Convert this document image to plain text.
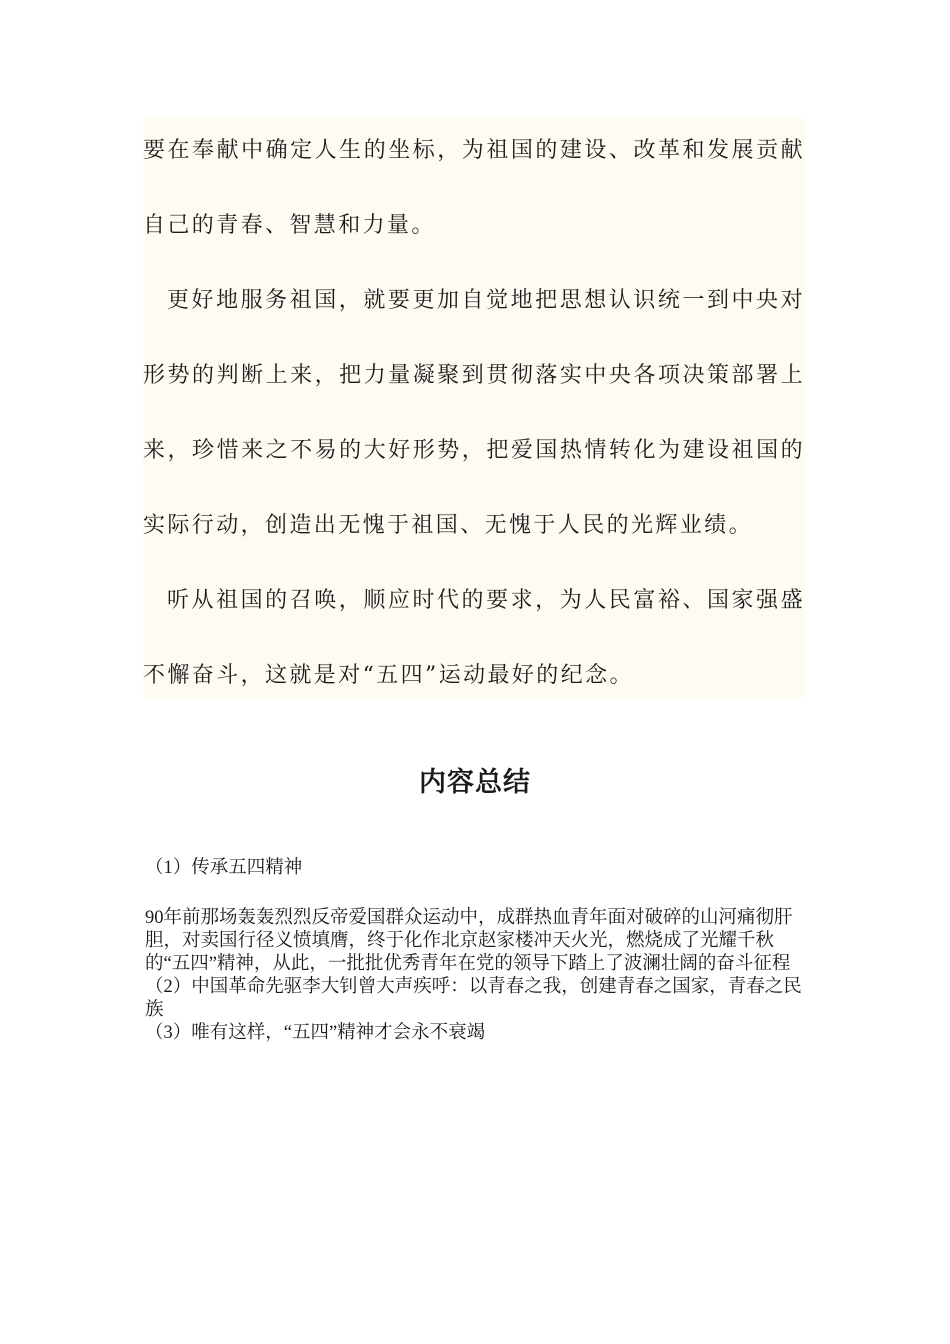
要在奉献中确定人生的坐标，为祖国的建设、改革和发展贡献自己的青春、智慧和力量。

更好地服务祖国，就要更加自觉地把思想认识统一到中央对形势的判断上来，把力量凝聚到贯彻落实中央各项决策部署上来，珍惜来之不易的大好形势，把爱国热情转化为建设祖国的实际行动，创造出无愧于祖国、无愧于人民的光辉业绩。

听从祖国的召唤，顺应时代的要求，为人民富裕、国家强盛不懈奋斗，这就是对“五四”运动最好的纪念。

内容总结

（1）传承五四精神

90年前那场轰轰烈烈反帝爱国群众运动中，成群热血青年面对破碎的山河痛彻肝胆，对卖国行径义愤填膺，终于化作北京赵家楼冲天火光，燃烧成了光耀千秋的“五四”精神，从此，一批批优秀青年在党的领导下踏上了波澜壮阔的奋斗征程

（2）中国革命先驱李大钊曾大声疾呼：以青春之我，创建青春之国家，青春之民族

（3）唯有这样，“五四”精神才会永不衰竭
